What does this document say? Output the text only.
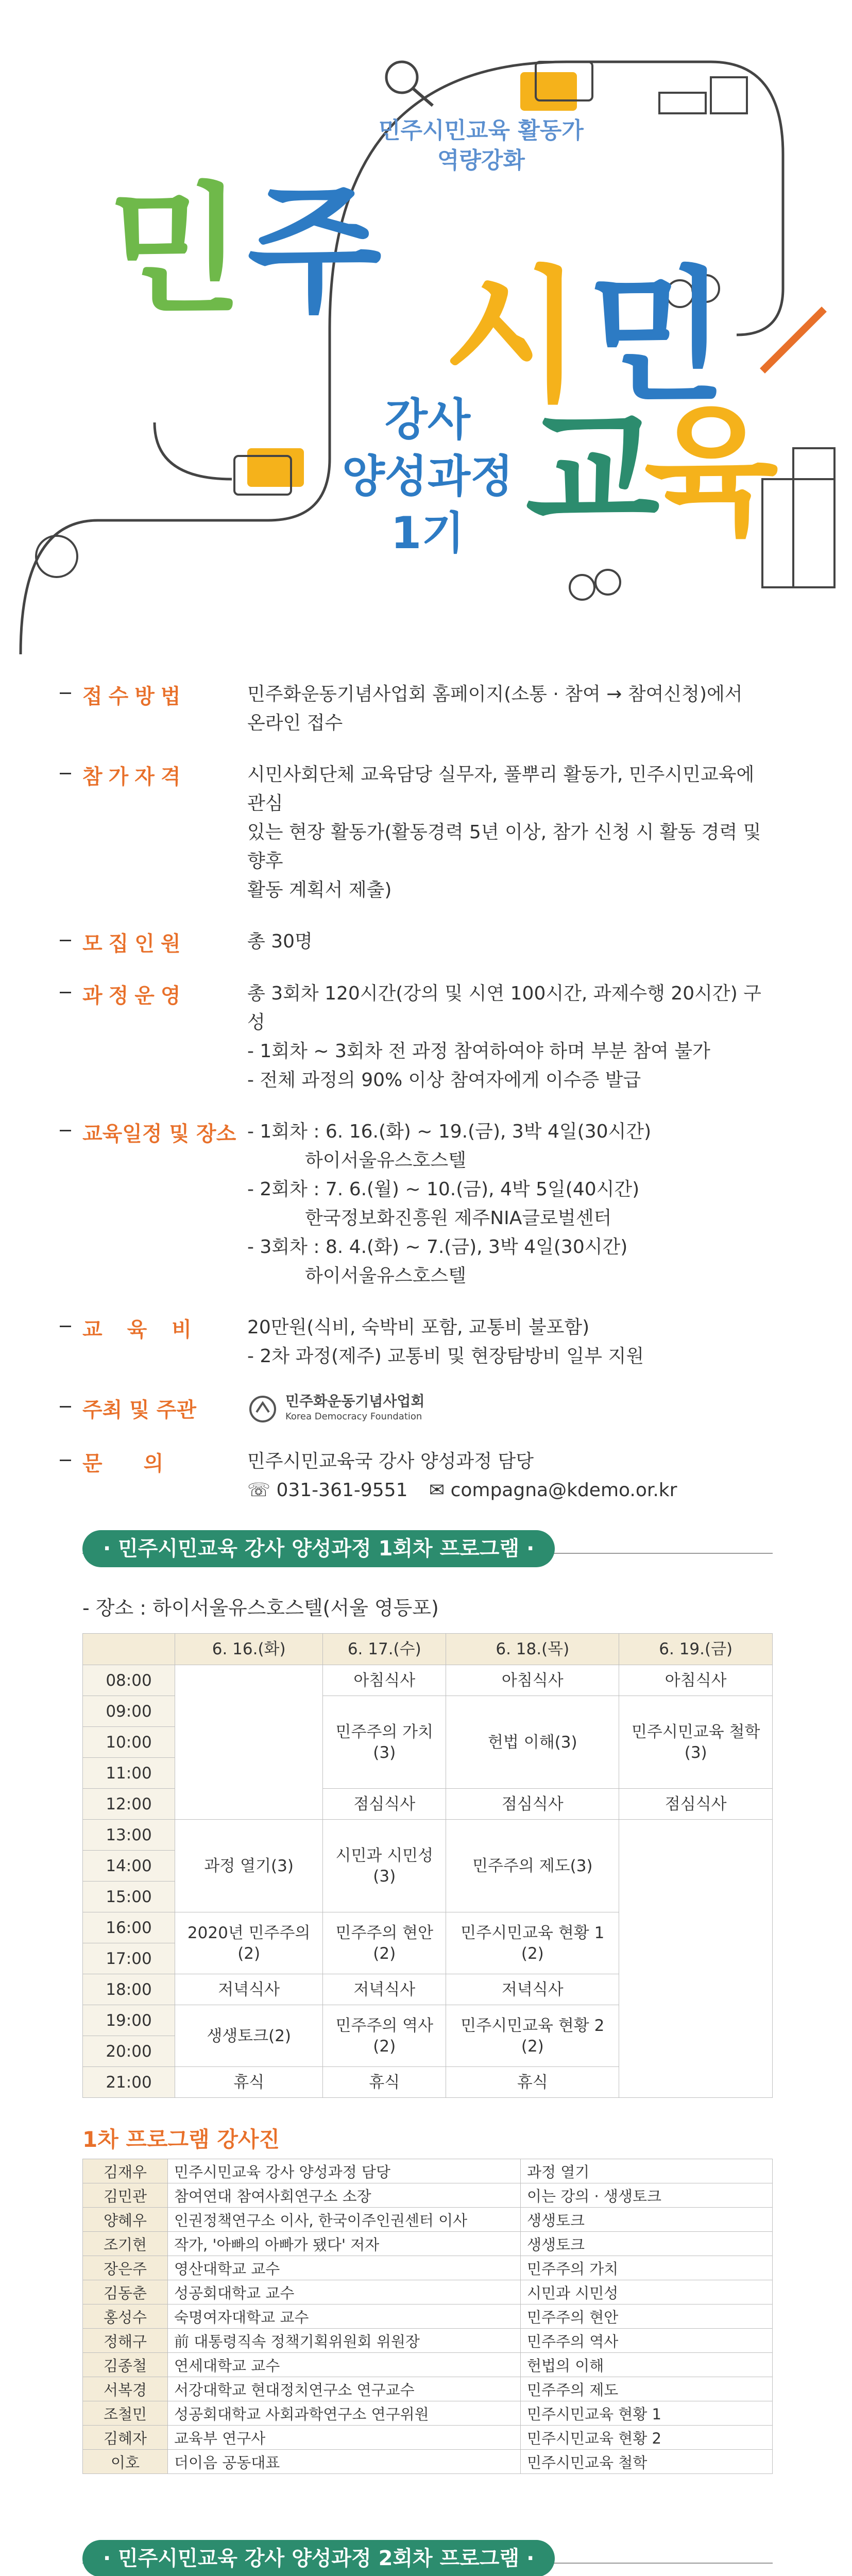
민주시민교육 활동가
역량강화
민 주
시 민
교
육
강사
양성과정
1기
접수방법	민주화운동기념사업회 홈페이지(소통 · 참여 → 참여신청)에서
온라인 접수
참가자격	시민사회단체 교육담당 실무자, 풀뿌리 활동가, 민주시민교육에 관심
있는 현장 활동가(활동경력 5년 이상, 참가 신청 시 활동 경력 및 향후
활동 계획서 제출)
모집인원	총 30명
과정운영	총 3회차 120시간(강의 및 시연 100시간, 과제수행 20시간) 구성
- 1회차 ~ 3회차 전 과정 참여하여야 하며 부분 참여 불가
- 전체 과정의 90% 이상 참여자에게 이수증 발급
교육일정 및 장소 - 1회차 : 6. 16.(화) ~ 19.(금), 3박 4일(30시간)
하이서울유스호스텔
- 2회차 : 7. 6.(월) ~ 10.(금), 4박 5일(40시간)
한국정보화진흥원 제주NIA글로벌센터
- 3회차 : 8. 4.(화) ~ 7.(금), 3박 4일(30시간)
하이서울유스호스텔
교육비	20만원(식비, 숙박비 포함, 교통비 불포함)
- 2차 과정(제주) 교통비 및 현장탐방비 일부 지원
주최 및 주관	민주화운동기념사업회
Korea Democracy Foundation
문의	민주시민교육국 강사 양성과정 담당
☏ 031-361-9551 ✉ compagna@kdemo.or.kr
· 민주시민교육 강사 양성과정 1회차 프로그램 ·
- 장소 : 하이서울유스호스텔(서울 영등포)
	6. 16.(화)	6. 17.(수)	6. 18.(목)	6. 19.(금)
08:00		아침식사	아침식사	아침식사
09:00		민주주의 가치(3)	헌법 이해(3)	민주시민교육 철학(3)
10:00				
11:00				
12:00		점심식사	점심식사	점심식사
13:00	과정 열기(3)	시민과 시민성(3)	민주주의 제도(3)	
14:00				
15:00				
16:00	2020년 민주주의(2)	민주주의 현안(2)	민주시민교육 현황 1 (2)	
17:00				
18:00	저녁식사	저녁식사	저녁식사	
19:00	생생토크(2)	민주주의 역사(2)	민주시민교육 현황 2 (2)	
20:00				
21:00	휴식	휴식	휴식	
1차 프로그램 강사진
김재우	민주시민교육 강사 양성과정 담당	과정 열기
김민관	참여연대 참여사회연구소 소장	이는 강의 · 생생토크
양혜우	인권정책연구소 이사, 한국이주인권센터 이사	생생토크
조기현	작가, '아빠의 아빠가 됐다' 저자	생생토크
장은주	영산대학교 교수	민주주의 가치
김동춘	성공회대학교 교수	시민과 시민성
홍성수	숙명여자대학교 교수	민주주의 현안
정해구	前 대통령직속 정책기획위원회 위원장	민주주의 역사
김종철	연세대학교 교수	헌법의 이해
서복경	서강대학교 현대정치연구소 연구교수	민주주의 제도
조철민	성공회대학교 사회과학연구소 연구위원	민주시민교육 현황 1
김혜자	교육부 연구사	민주시민교육 현황 2
이호	더이음 공동대표	민주시민교육 철학
· 민주시민교육 강사 양성과정 2회차 프로그램 ·
